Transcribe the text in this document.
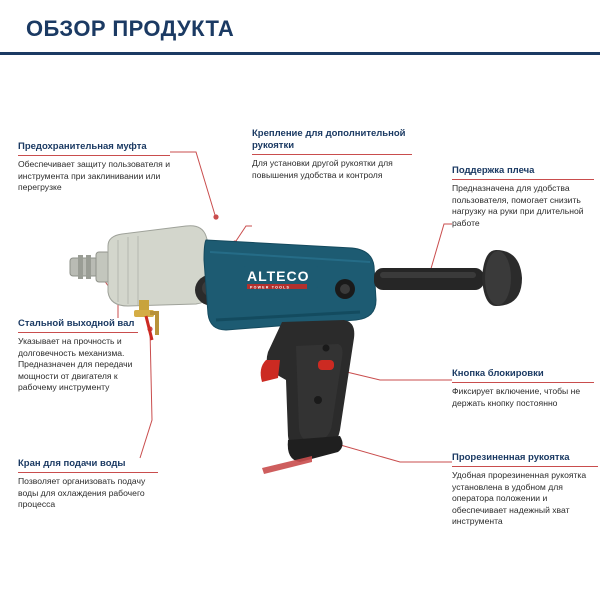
ОБЗОР ПРОДУКТА
ALTECO
POWER TOOLS
Предохранительная муфта
Обеспечивает защиту пользователя и инструмента при заклинивании или перегрузке
Крепление для дополнительной рукоятки
Для установки другой рукоятки для повышения удобства и контроля	Поддержка плеча
Предназначена для удобства пользователя, помогает снизить нагрузку на руки при длительной работе
Стальной выходной вал
Указывает на прочность и долговечность механизма. Предназначен для передачи мощности от двигателя к рабочему инструменту
Кнопка блокировки
Фиксирует включение, чтобы не держать кнопку постоянно
Кран для подачи воды
Позволяет организовать подачу воды для охлаждения рабочего процесса
Прорезиненная рукоятка
Удобная прорезиненная рукоятка установлена в удобном для оператора положении и обеспечивает надежный хват инструмента
